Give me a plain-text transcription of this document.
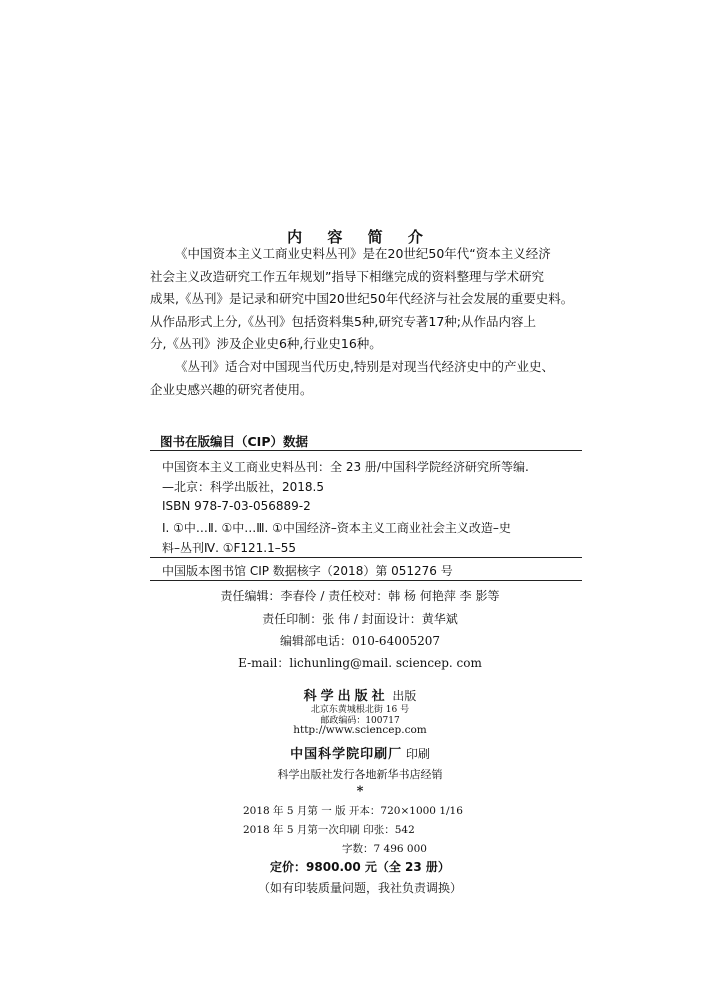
内 容 简 介

《中国资本主义工商业史料丛刊》是在20世纪50年代“资本主义经济

社会主义改造研究工作五年规划”指导下相继完成的资料整理与学术研究
成果,《丛刊》是记录和研究中国20世纪50年代经济与社会发展的重要史料。
从作品形式上分,《丛刊》包括资料集5种,研究专著17种;从作品内容上
分,《丛刊》涉及企业史6种,行业史16种。

《丛刊》适合对中国现当代历史,特别是对现当代经济史中的产业史、

企业史感兴趣的研究者使用。
图书在版编目（CIP）数据
中国资本主义工商业史料丛刊：全 23 册/中国科学院经济研究所等编.
—北京：科学出版社，2018.5
ISBN 978-7-03-056889-2
Ⅰ. ①中…Ⅱ. ①中…Ⅲ. ①中国经济–资本主义工商业社会主义改造–史
料–丛刊Ⅳ. ①F121.1–55
中国版本图书馆 CIP 数据核字（2018）第 051276 号
责任编辑：李春伶 / 责任校对：韩 杨 何艳萍 李 影等
责任印制：张 伟 / 封面设计：黄华斌
编辑部电话：010-64005207
E-mail：lichunling@mail. sciencep. com
科学出版社 出版
北京东黄城根北街 16 号
邮政编码：100717
http://www.sciencep.com
中国科学院印刷厂 印刷
科学出版社发行各地新华书店经销
*
2018 年 5 月第 一 版 开本：720×1000 1/16
2018 年 5 月第一次印刷 印张：542
字数：7 496 000
定价：9800.00 元（全 23 册）
（如有印装质量问题，我社负责调换）
